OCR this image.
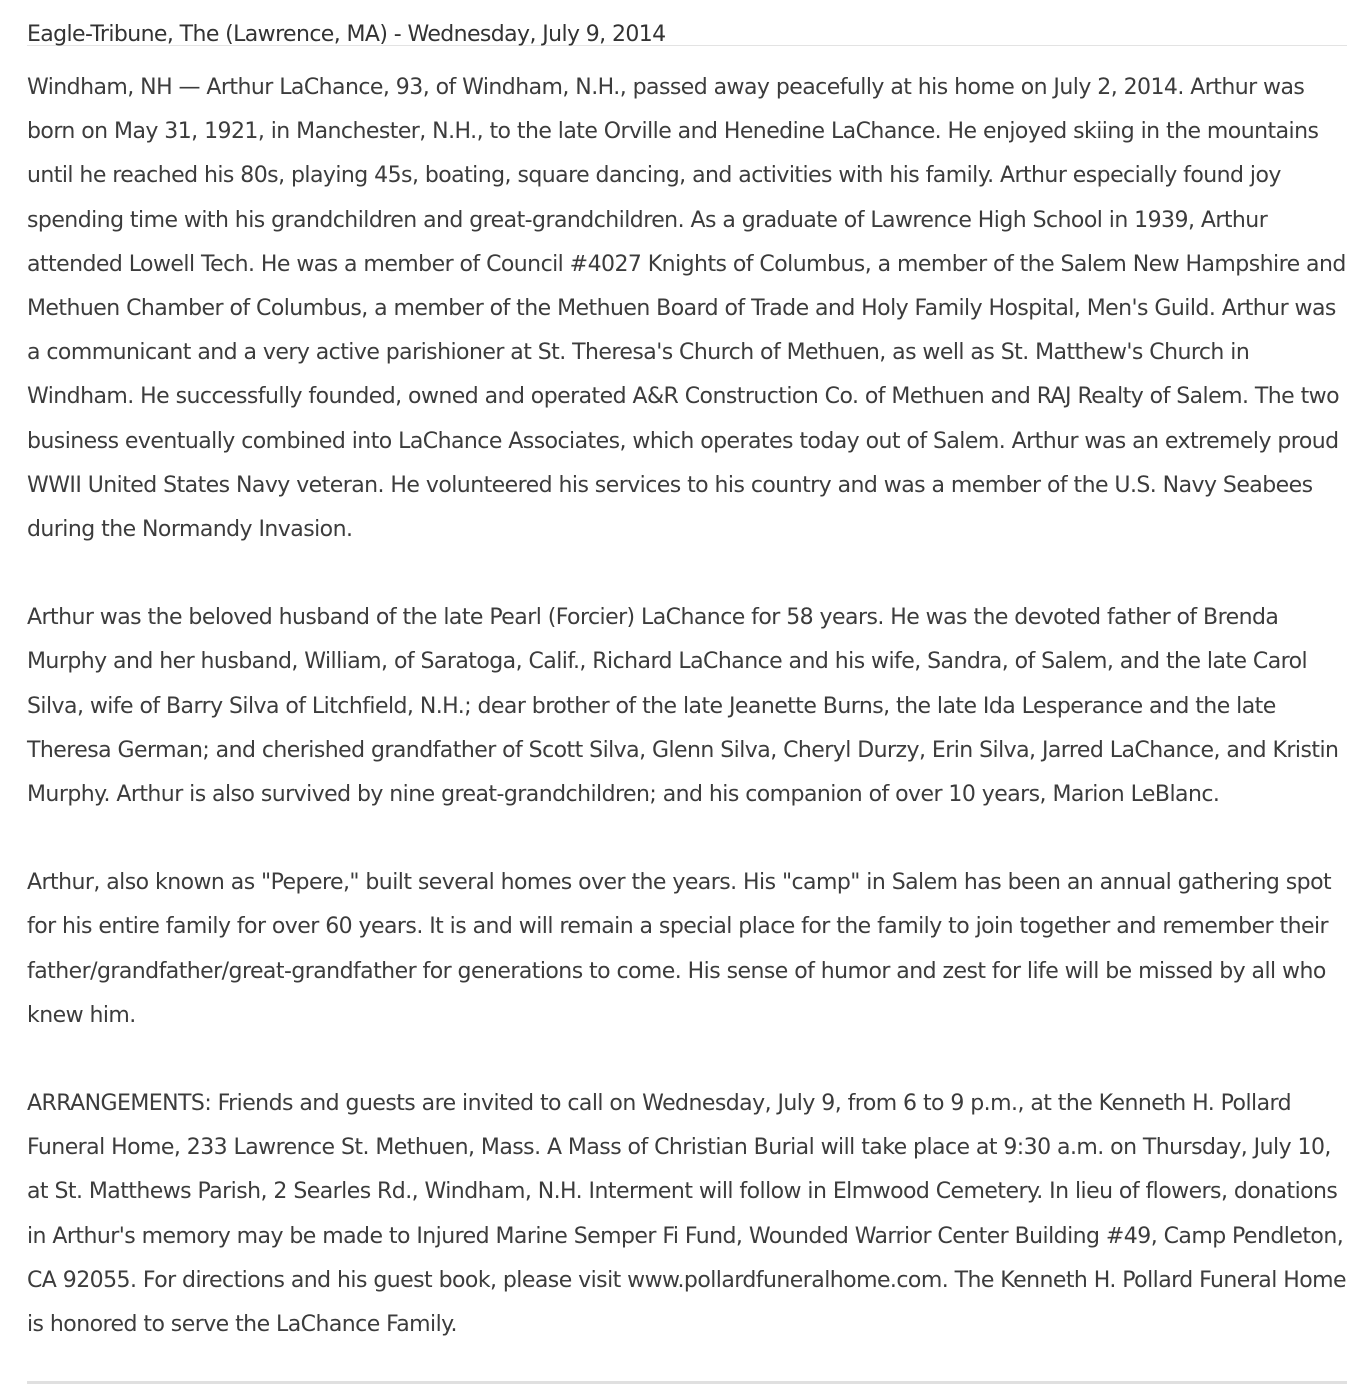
Eagle-Tribune, The (Lawrence, MA) - Wednesday, July 9, 2014

Windham, NH — Arthur LaChance, 93, of Windham, N.H., passed away peacefully at his home on July 2, 2014. Arthur was born on May 31, 1921, in Manchester, N.H., to the late Orville and Henedine LaChance. He enjoyed skiing in the mountains until he reached his 80s, playing 45s, boating, square dancing, and activities with his family. Arthur especially found joy spending time with his grandchildren and great-grandchildren. As a graduate of Lawrence High School in 1939, Arthur attended Lowell Tech. He was a member of Council #4027 Knights of Columbus, a member of the Salem New Hampshire and Methuen Chamber of Columbus, a member of the Methuen Board of Trade and Holy Family Hospital, Men's Guild. Arthur was a communicant and a very active parishioner at St. Theresa's Church of Methuen, as well as St. Matthew's Church in Windham. He successfully founded, owned and operated A&R Construction Co. of Methuen and RAJ Realty of Salem. The two business eventually combined into LaChance Associates, which operates today out of Salem. Arthur was an extremely proud WWII United States Navy veteran. He volunteered his services to his country and was a member of the U.S. Navy Seabees during the Normandy Invasion.

Arthur was the beloved husband of the late Pearl (Forcier) LaChance for 58 years. He was the devoted father of Brenda Murphy and her husband, William, of Saratoga, Calif., Richard LaChance and his wife, Sandra, of Salem, and the late Carol Silva, wife of Barry Silva of Litchfield, N.H.; dear brother of the late Jeanette Burns, the late Ida Lesperance and the late Theresa German; and cherished grandfather of Scott Silva, Glenn Silva, Cheryl Durzy, Erin Silva, Jarred LaChance, and Kristin Murphy. Arthur is also survived by nine great-grandchildren; and his companion of over 10 years, Marion LeBlanc.

Arthur, also known as "Pepere," built several homes over the years. His "camp" in Salem has been an annual gathering spot for his entire family for over 60 years. It is and will remain a special place for the family to join together and remember their father/grandfather/great-grandfather for generations to come. His sense of humor and zest for life will be missed by all who knew him.

ARRANGEMENTS: Friends and guests are invited to call on Wednesday, July 9, from 6 to 9 p.m., at the Kenneth H. Pollard Funeral Home, 233 Lawrence St. Methuen, Mass. A Mass of Christian Burial will take place at 9:30 a.m. on Thursday, July 10, at St. Matthews Parish, 2 Searles Rd., Windham, N.H. Interment will follow in Elmwood Cemetery. In lieu of flowers, donations in Arthur's memory may be made to Injured Marine Semper Fi Fund, Wounded Warrior Center Building #49, Camp Pendleton, CA 92055. For directions and his guest book, please visit www.pollardfuneralhome.com. The Kenneth H. Pollard Funeral Home is honored to serve the LaChance Family.
